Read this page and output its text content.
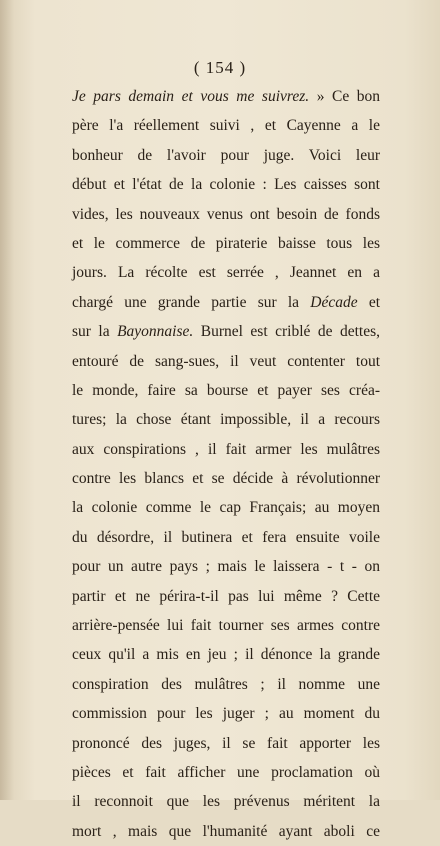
( 154 )
Je pars demain et vous me suivrez. » Ce bon
père l'a réellement suivi , et Cayenne a le
bonheur de l'avoir pour juge. Voici leur
début et l'état de la colonie : Les caisses sont
vides, les nouveaux venus ont besoin de fonds
et le commerce de piraterie baisse tous les
jours. La récolte est serrée , Jeannet en a
chargé une grande partie sur la Décade et
sur la Bayonnaise. Burnel est criblé de dettes,
entouré de sang-sues, il veut contenter tout
le monde, faire sa bourse et payer ses créa-
tures; la chose étant impossible, il a recours
aux conspirations , il fait armer les mulâtres
contre les blancs et se décide à révolutionner
la colonie comme le cap Français; au moyen
du désordre, il butinera et fera ensuite voile
pour un autre pays ; mais le laissera - t - on
partir et ne périra-t-il pas lui même ? Cette
arrière-pensée lui fait tourner ses armes contre
ceux qu'il a mis en jeu ; il dénonce la grande
conspiration des mulâtres ; il nomme une
commission pour les juger ; au moment du
prononcé des juges, il se fait apporter les
pièces et fait afficher une proclamation où
il reconnoit que les prévenus méritent la
mort , mais que l'humanité ayant aboli ce
